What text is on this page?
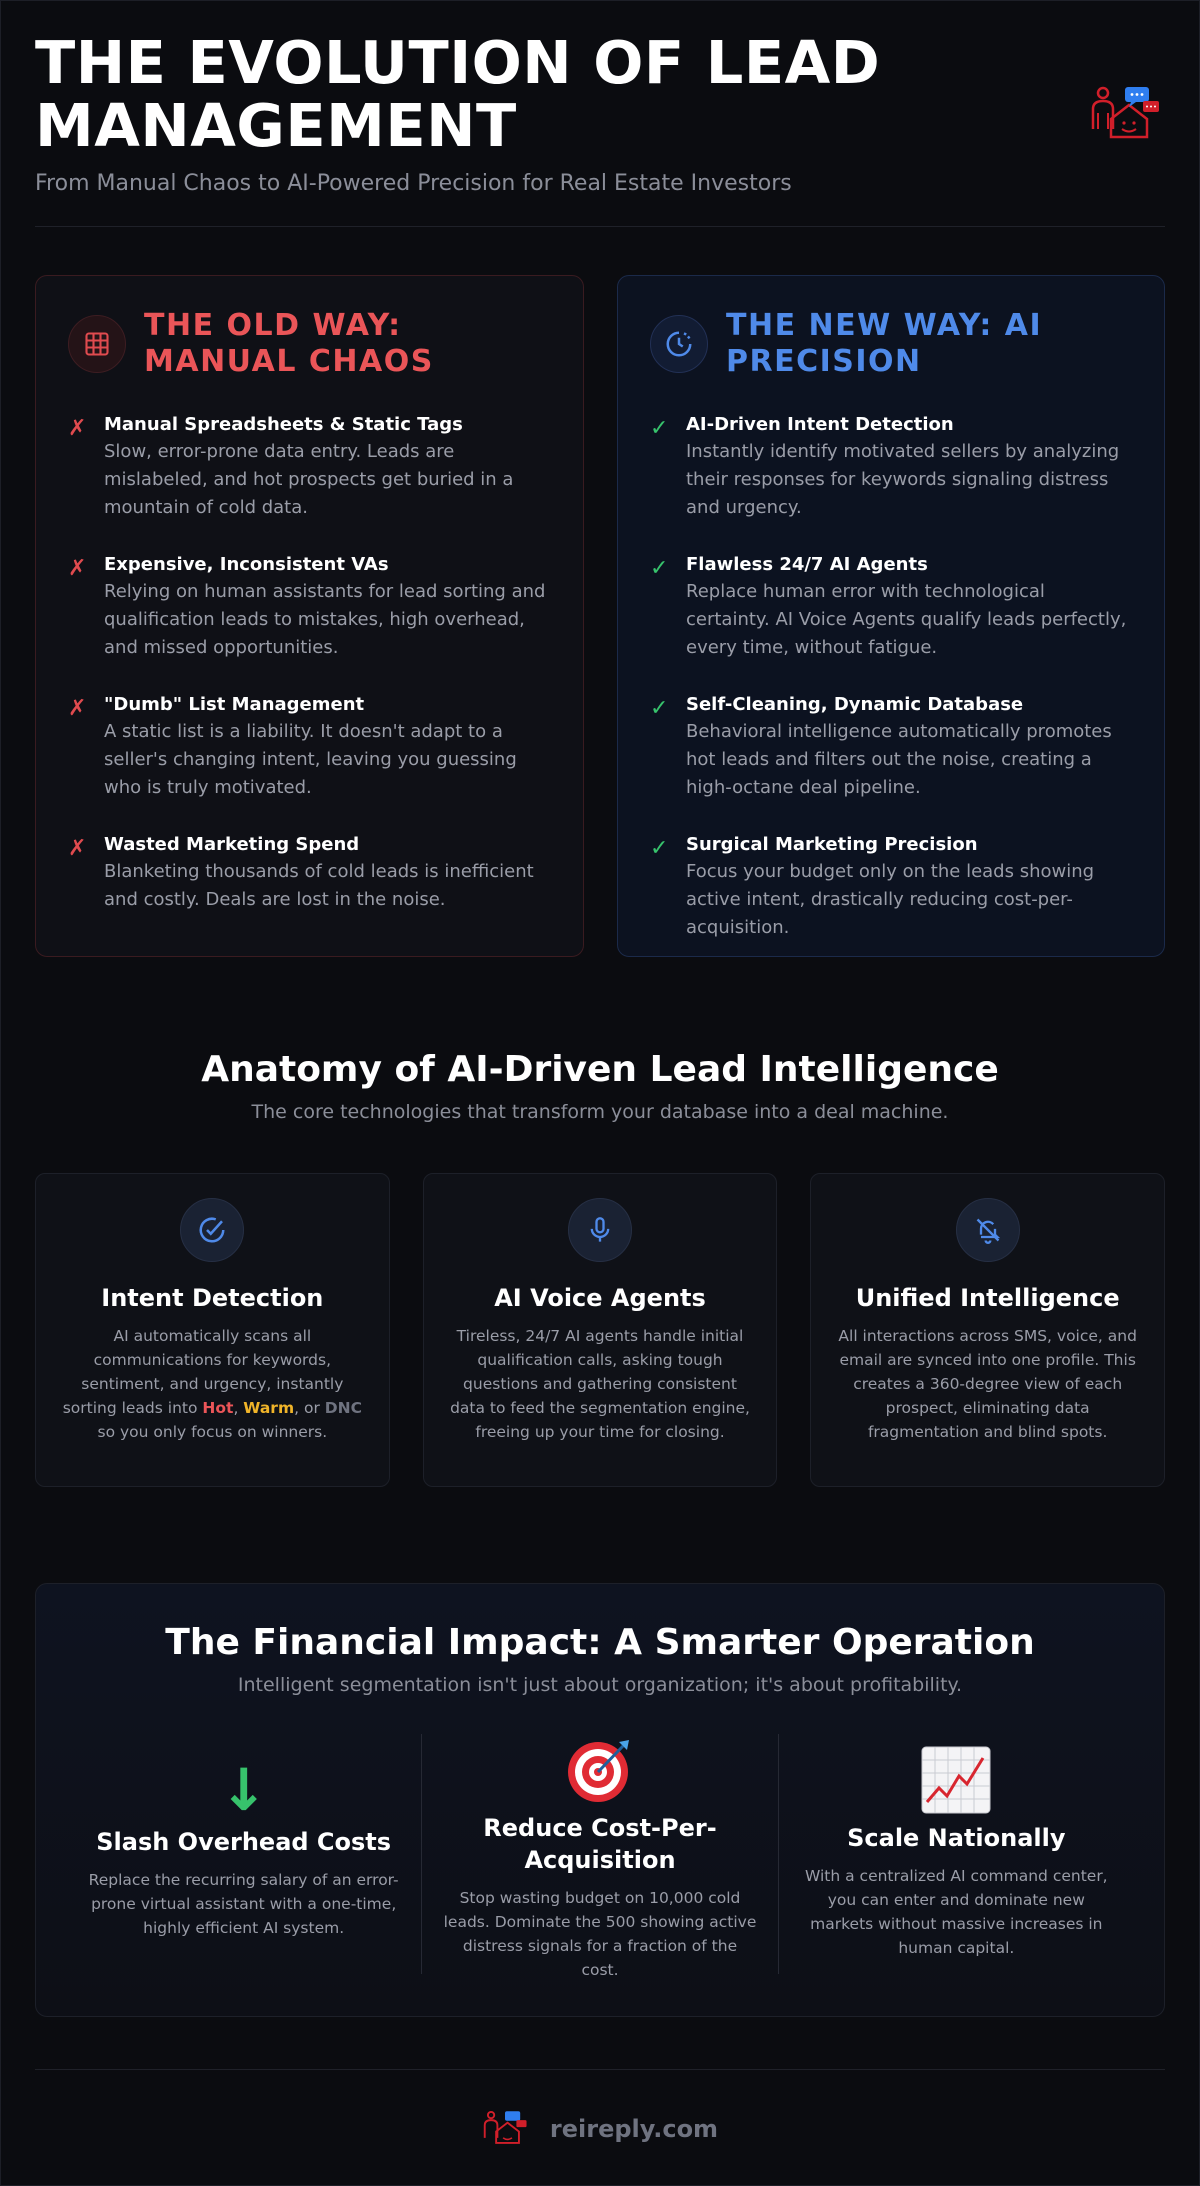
THE EVOLUTION OF LEAD MANAGEMENT

From Manual Chaos to AI-Powered Precision for Real Estate Investors

THE OLD WAY: MANUAL CHAOS
✗ Manual Spreadsheets & Static Tags
Slow, error-prone data entry. Leads are mislabeled, and hot prospects get buried in a mountain of cold data.
✗ Expensive, Inconsistent VAs
Relying on human assistants for lead sorting and qualification leads to mistakes, high overhead, and missed opportunities.
✗ "Dumb" List Management
A static list is a liability. It doesn't adapt to a seller's changing intent, leaving you guessing who is truly motivated.
✗ Wasted Marketing Spend
Blanketing thousands of cold leads is inefficient and costly. Deals are lost in the noise.
THE NEW WAY: AI PRECISION
✓ AI-Driven Intent Detection
Instantly identify motivated sellers by analyzing their responses for keywords signaling distress and urgency.
✓ Flawless 24/7 AI Agents
Replace human error with technological certainty. AI Voice Agents qualify leads perfectly, every time, without fatigue.
✓ Self-Cleaning, Dynamic Database
Behavioral intelligence automatically promotes hot leads and filters out the noise, creating a high-octane deal pipeline.
✓ Surgical Marketing Precision
Focus your budget only on the leads showing active intent, drastically reducing cost-per-acquisition.
Anatomy of AI-Driven Lead Intelligence

The core technologies that transform your database into a deal machine.

Intent Detection

AI automatically scans all communications for keywords, sentiment, and urgency, instantly sorting leads into Hot, Warm, or DNC so you only focus on winners.

AI Voice Agents

Tireless, 24/7 AI agents handle initial qualification calls, asking tough questions and gathering consistent data to feed the segmentation engine, freeing up your time for closing.

Unified Intelligence

All interactions across SMS, voice, and email are synced into one profile. This creates a 360-degree view of each prospect, eliminating data fragmentation and blind spots.

The Financial Impact: A Smarter Operation

Intelligent segmentation isn't just about organization; it's about profitability.

↓
Slash Overhead Costs

Replace the recurring salary of an error-prone virtual assistant with a one-time, highly efficient AI system.

Reduce Cost-Per-Acquisition

Stop wasting budget on 10,000 cold leads. Dominate the 500 showing active distress signals for a fraction of the cost.

Scale Nationally

With a centralized AI command center, you can enter and dominate new markets without massive increases in human capital.

reireply.com
